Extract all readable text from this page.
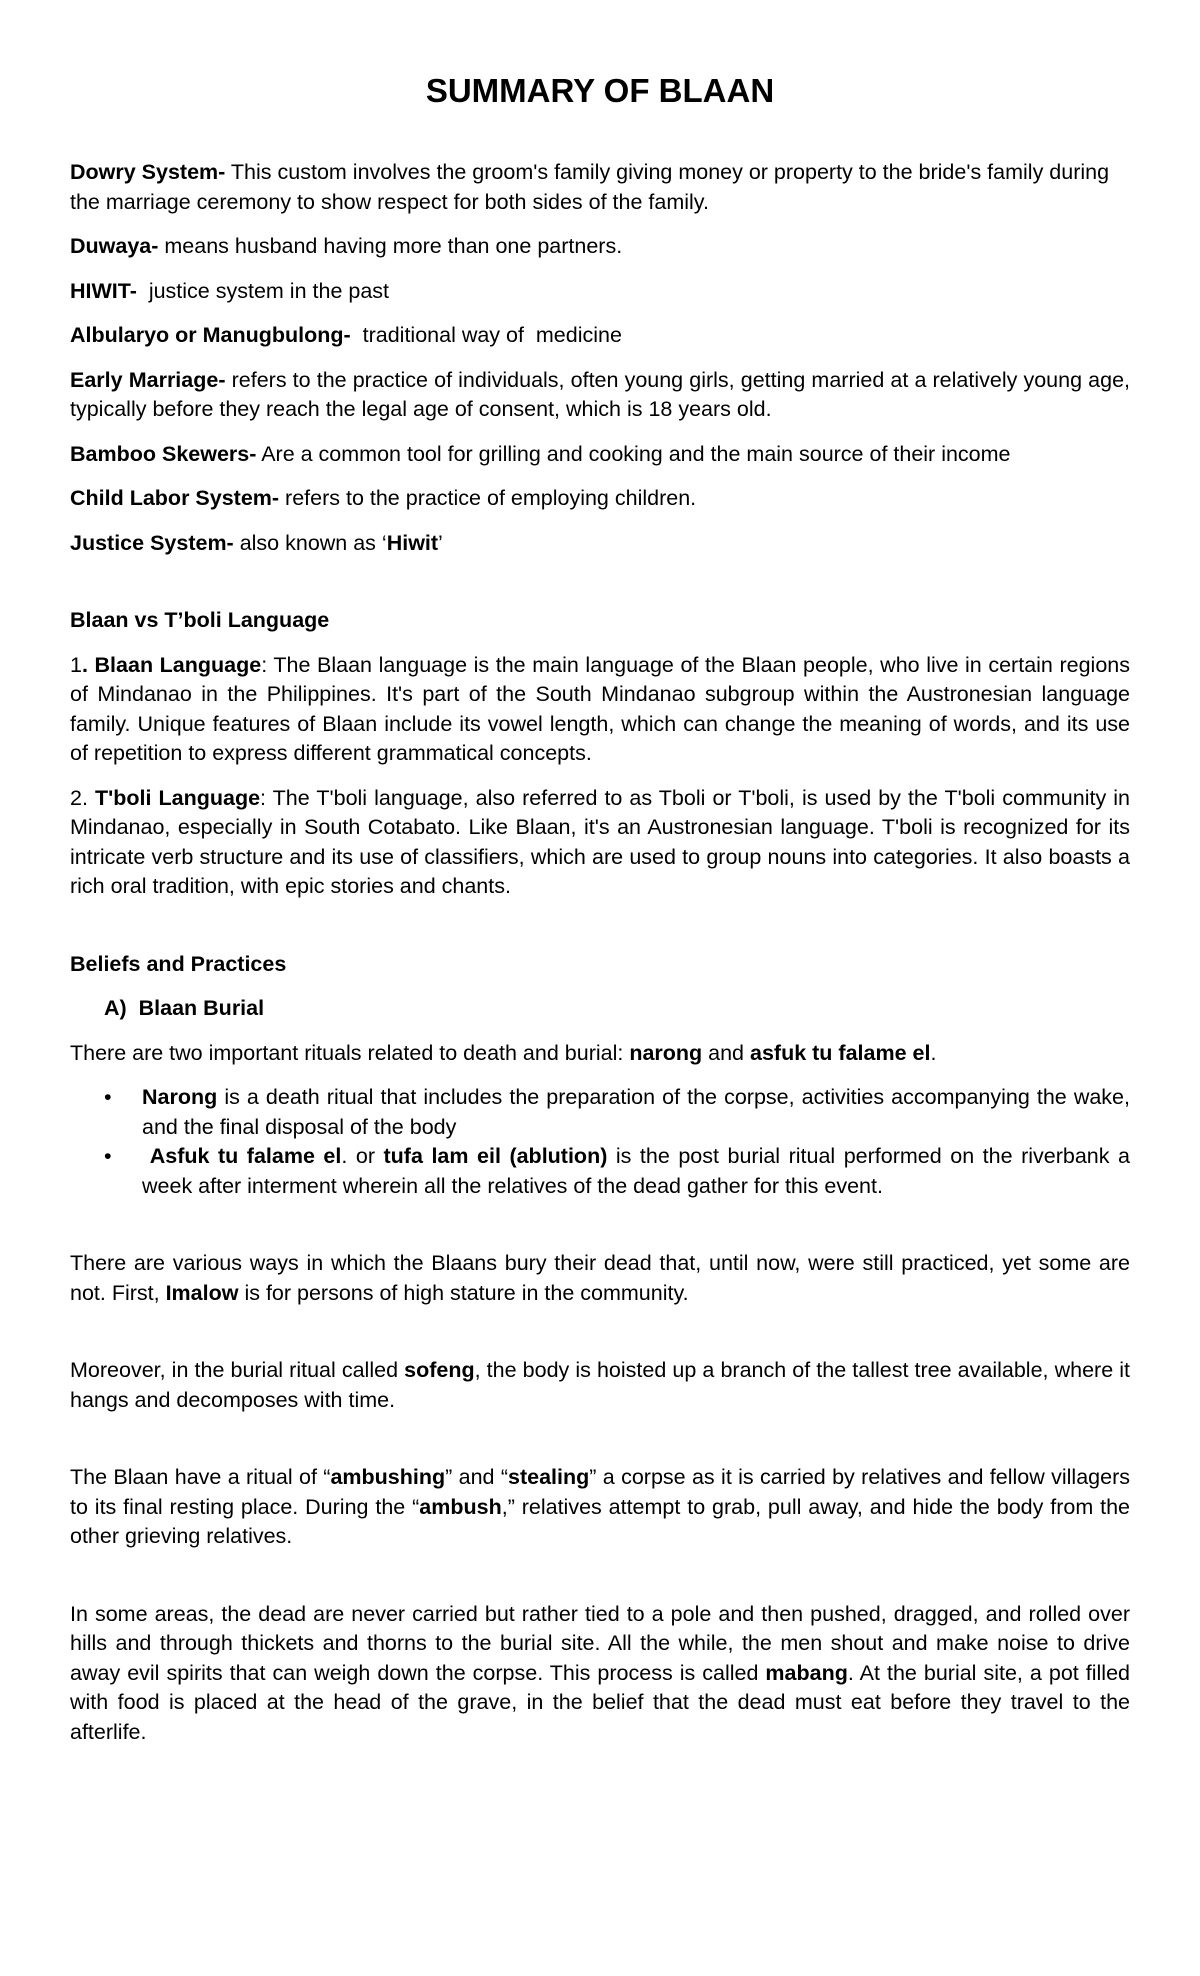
SUMMARY OF BLAAN

Dowry System- This custom involves the groom's family giving money or property to the bride's family during the marriage ceremony to show respect for both sides of the family.

Duwaya- means husband having more than one partners.

HIWIT-  justice system in the past

Albularyo or Manugbulong-  traditional way of  medicine

Early Marriage- refers to the practice of individuals, often young girls, getting married at a relatively young age, typically before they reach the legal age of consent, which is 18 years old.

Bamboo Skewers- Are a common tool for grilling and cooking and the main source of their income

Child Labor System- refers to the practice of employing children.

Justice System- also known as ‘Hiwit’

Blaan vs T’boli Language

1. Blaan Language: The Blaan language is the main language of the Blaan people, who live in certain regions of Mindanao in the Philippines. It's part of the South Mindanao subgroup within the Austronesian language family. Unique features of Blaan include its vowel length, which can change the meaning of words, and its use of repetition to express different grammatical concepts.

2. T'boli Language: The T'boli language, also referred to as Tboli or T'boli, is used by the T'boli community in Mindanao, especially in South Cotabato. Like Blaan, it's an Austronesian language. T'boli is recognized for its intricate verb structure and its use of classifiers, which are used to group nouns into categories. It also boasts a rich oral tradition, with epic stories and chants.

Beliefs and Practices

A)  Blaan Burial

There are two important rituals related to death and burial: narong and asfuk tu falame el.

• Narong is a death ritual that includes the preparation of the corpse, activities accompanying the wake, and the final disposal of the body
• Asfuk tu falame el. or tufa lam eil (ablution) is the post burial ritual performed on the riverbank a week after interment wherein all the relatives of the dead gather for this event.

There are various ways in which the Blaans bury their dead that, until now, were still practiced, yet some are not. First, Imalow is for persons of high stature in the community.

Moreover, in the burial ritual called sofeng, the body is hoisted up a branch of the tallest tree available, where it hangs and decomposes with time.

The Blaan have a ritual of “ambushing” and “stealing” a corpse as it is carried by relatives and fellow villagers to its final resting place. During the “ambush,” relatives attempt to grab, pull away, and hide the body from the other grieving relatives.

In some areas, the dead are never carried but rather tied to a pole and then pushed, dragged, and rolled over hills and through thickets and thorns to the burial site. All the while, the men shout and make noise to drive away evil spirits that can weigh down the corpse. This process is called mabang. At the burial site, a pot filled with food is placed at the head of the grave, in the belief that the dead must eat before they travel to the afterlife.
